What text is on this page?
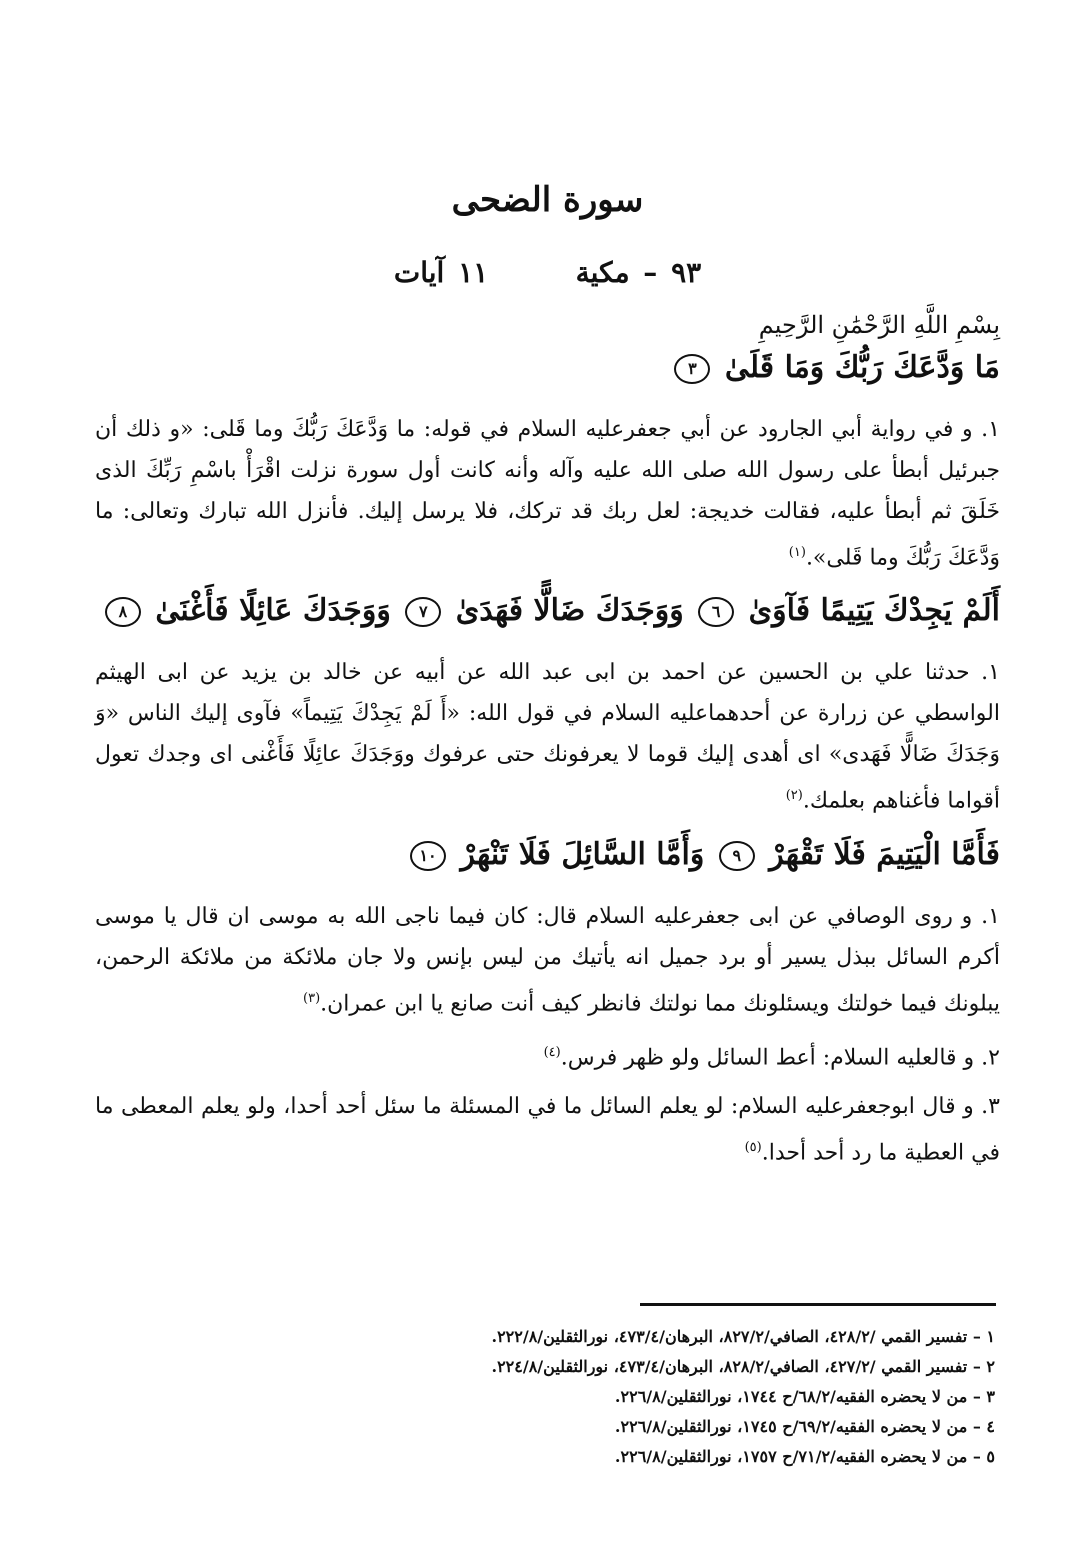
سورة الضحى
٩٣ – مكية  ١١ آيات
بِسْمِ اللَّهِ الرَّحْمَٰنِ الرَّحِيمِ
مَا وَدَّعَكَ رَبُّكَ وَمَا قَلَىٰ ٣

١. و في رواية أبي الجارود عن أبي جعفرعليه السلام في قوله: ما وَدَّعَكَ رَبُّكَ وما قَلى: «و ذلك أن جبرئيل أبطأ على رسول الله صلى الله عليه وآله وأنه كانت أول سورة نزلت اقْرَأْ باسْمِ رَبِّكَ الذى خَلَقَ ثم أبطأ عليه، فقالت خديجة: لعل ربك قد تركك، فلا يرسل إليك. فأنزل الله تبارك وتعالى: ما وَدَّعَكَ رَبُّكَ وما قَلى».$^{(١)}$

أَلَمْ يَجِدْكَ يَتِيمًا فَآوَىٰ ٦ وَوَجَدَكَ ضَالًّا فَهَدَىٰ ٧ وَوَجَدَكَ عَائِلًا فَأَغْنَىٰ ٨

١. حدثنا علي بن الحسين عن احمد بن ابى عبد الله عن أبيه عن خالد بن يزيد عن ابى الهيثم الواسطي عن زرارة عن أحدهماعليه السلام في قول الله: «أَ لَمْ يَجِدْكَ يَتِيماً» فآوى إليك الناس «وَ وَجَدَكَ ضَالًّا فَهَدى» اى أهدى إليك قوما لا يعرفونك حتى عرفوك ووَجَدَكَ عائِلًا فَأَغْنى اى وجدك تعول أقواما فأغناهم بعلمك.$^{(٢)}$

فَأَمَّا الْيَتِيمَ فَلَا تَقْهَرْ ٩ وَأَمَّا السَّائِلَ فَلَا تَنْهَرْ ١٠

١. و روى الوصافي عن ابى جعفرعليه السلام قال: كان فيما ناجى الله به موسى ان قال يا موسى أكرم السائل ببذل يسير أو برد جميل انه يأتيك من ليس بإنس ولا جان ملائكة من ملائكة الرحمن، يبلونك فيما خولتك ويسئلونك مما نولتك فانظر كيف أنت صانع يا ابن عمران.$^{(٣)}$

٢. و قالعليه السلام: أعط السائل ولو ظهر فرس.$^{(٤)}$

٣. و قال ابوجعفرعليه السلام: لو يعلم السائل ما في المسئلة ما سئل أحد أحدا، ولو يعلم المعطى ما في العطية ما رد أحد أحدا.$^{(٥)}$

١ – تفسير القمي /٤٢٨/٢، الصافي/٨٢٧/٢، البرهان/٤٧٣/٤، نورالثقلين/٢٢٢/٨.
٢ – تفسير القمي /٤٢٧/٢، الصافي/٨٢٨/٢، البرهان/٤٧٣/٤، نورالثقلين/٢٢٤/٨.
٣ – من لا يحضره الفقيه/٦٨/٢/ح ١٧٤٤، نورالثقلين/٢٢٦/٨.
٤ – من لا يحضره الفقيه/٦٩/٢/ح ١٧٤٥، نورالثقلين/٢٢٦/٨.
٥ – من لا يحضره الفقيه/٧١/٢/ح ١٧٥٧، نورالثقلين/٢٢٦/٨.
